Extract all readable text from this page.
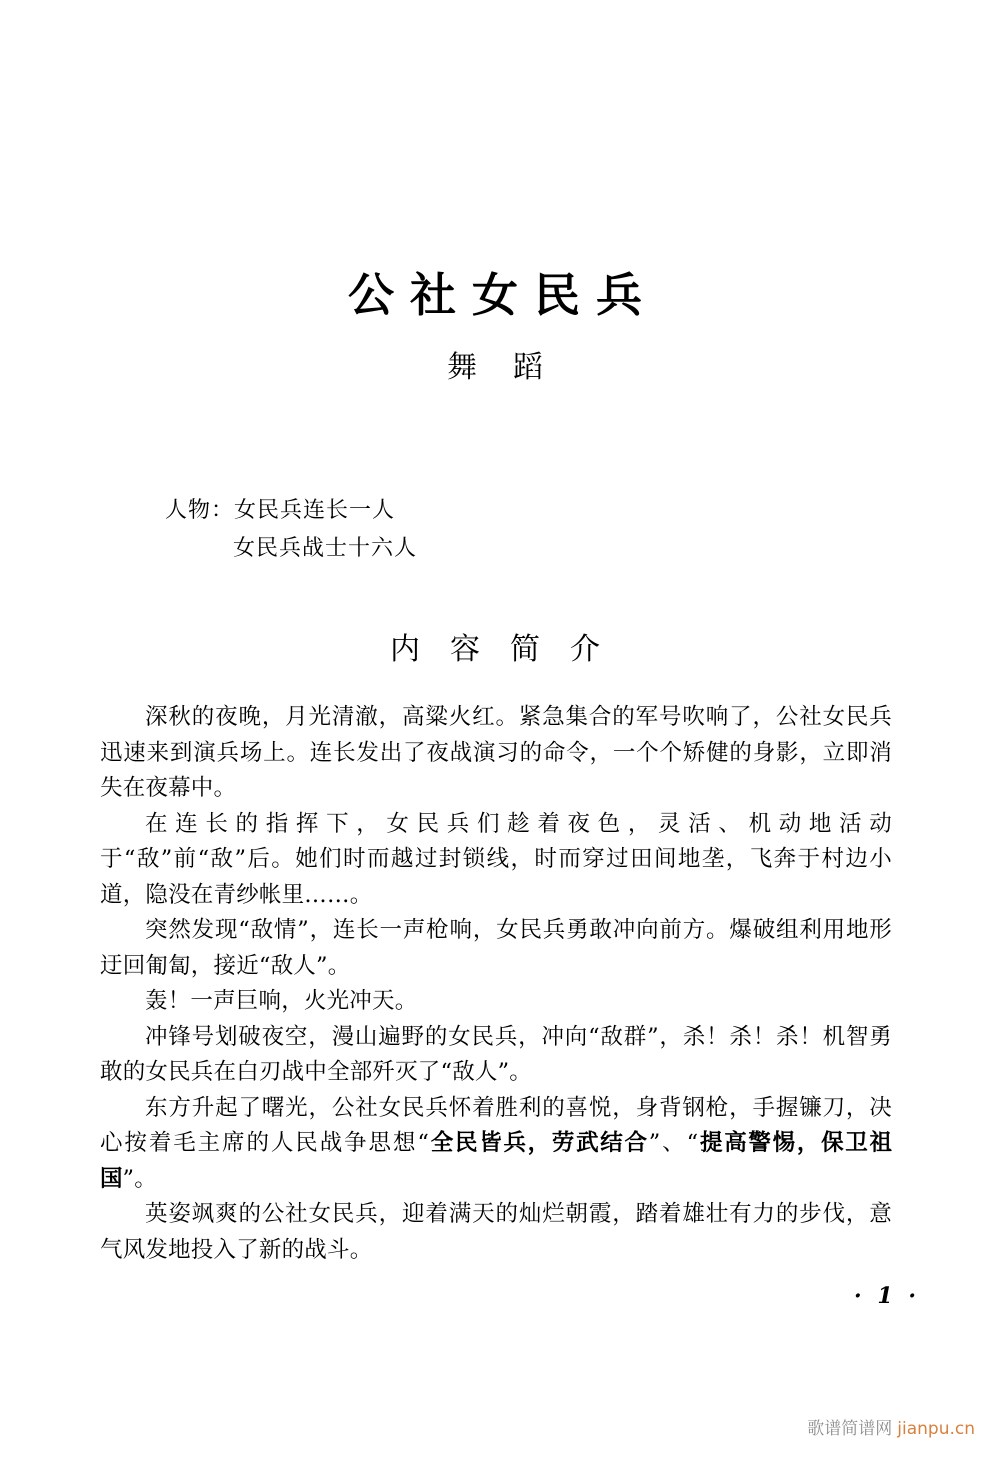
公社女民兵
舞蹈
人物：女民兵连长一人
女民兵战士十六人
内容简介

深秋的夜晚，月光清澈，高粱火红。紧急集合的军号吹响了，公社女民兵迅速来到演兵场上。连长发出了夜战演习的命令，一个个矫健的身影，立即消失在夜幕中。

在连长的指挥下，女民兵们趁着夜色，灵活、机动地活动于“敌”前“敌”后。她们时而越过封锁线，时而穿过田间地垄，飞奔于村边小道，隐没在青纱帐里……。

突然发现“敌情”，连长一声枪响，女民兵勇敢冲向前方。爆破组利用地形迂回匍匐，接近“敌人”。

轰！一声巨响，火光冲天。

冲锋号划破夜空，漫山遍野的女民兵，冲向“敌群”，杀！杀！杀！机智勇敢的女民兵在白刃战中全部歼灭了“敌人”。

东方升起了曙光，公社女民兵怀着胜利的喜悦，身背钢枪，手握镰刀，决心按着毛主席的人民战争思想“全民皆兵，劳武结合”、“提高警惕，保卫祖国”。

英姿飒爽的公社女民兵，迎着满天的灿烂朝霞，踏着雄壮有力的步伐，意气风发地投入了新的战斗。

· 1 ·
歌谱简谱网 jianpu.cn
